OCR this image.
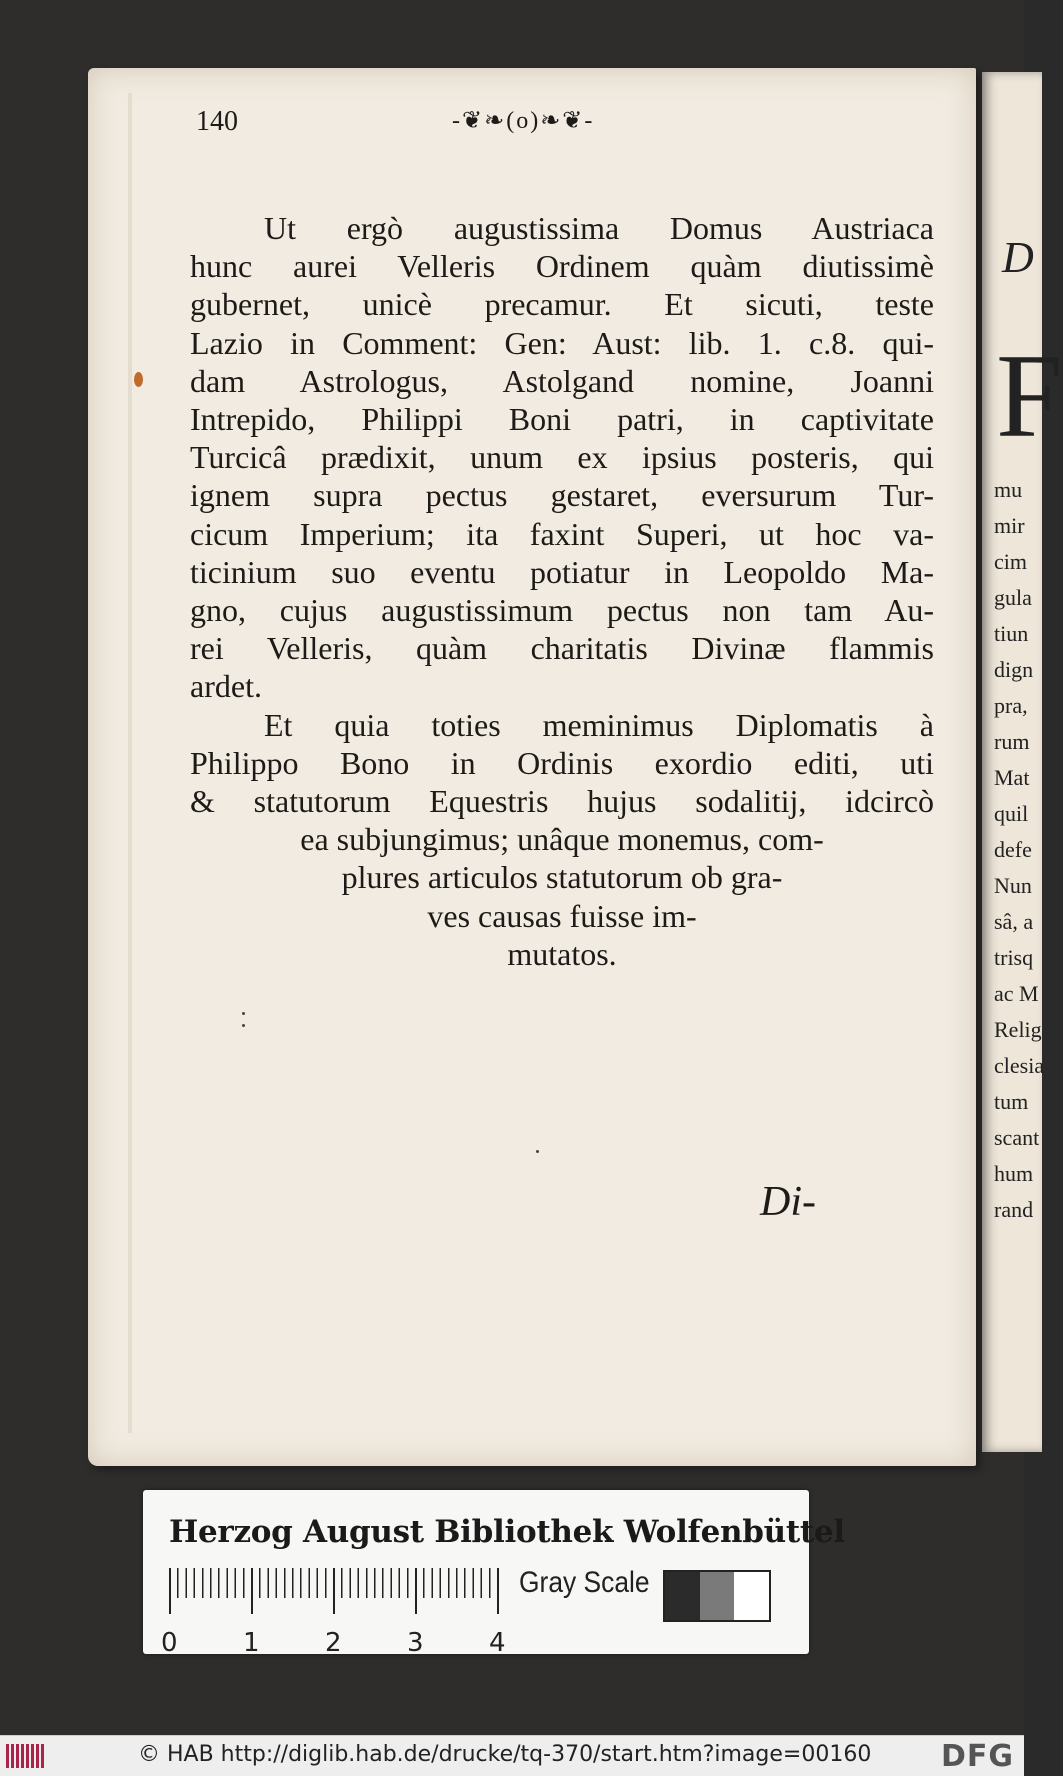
D
F
mu
mir
cim
gula
tiun
dign
pra,
rum
Mat
quil
defe
Nun
sâ, a
trisq
ac M
Relig
clesia
tum
scant
hum
rand
140	-❦❧(o)❧❦-
Ut ergò augustissima Domus Austriaca
hunc aurei Velleris Ordinem quàm diutissimè
gubernet, unicè precamur. Et sicuti, teste
Lazio in Comment: Gen: Aust: lib. 1. c.8. qui-
dam Astrologus, Astolgand nomine, Joanni
Intrepido, Philippi Boni patri, in captivitate
Turcicâ prædixit, unum ex ipsius posteris, qui
ignem supra pectus gestaret, eversurum Tur-
cicum Imperium; ita faxint Superi, ut hoc va-
ticinium suo eventu potiatur in Leopoldo Ma-
gno, cujus augustissimum pectus non tam Au-
rei Velleris, quàm charitatis Divinæ flammis
ardet.
Et quia toties meminimus Diplomatis à
Philippo Bono in Ordinis exordio editi, uti
& statutorum Equestris hujus sodalitij, idcircò
ea subjungimus; unâque monemus, com-
plures articulos statutorum ob gra-
ves causas fuisse im-
mutatos.
Di-
Herzog August Bibliothek Wolfenbüttel
0	1	2	3	4
Gray Scale
© HAB http://diglib.hab.de/drucke/tq-370/start.htm?image=00160 DFG
